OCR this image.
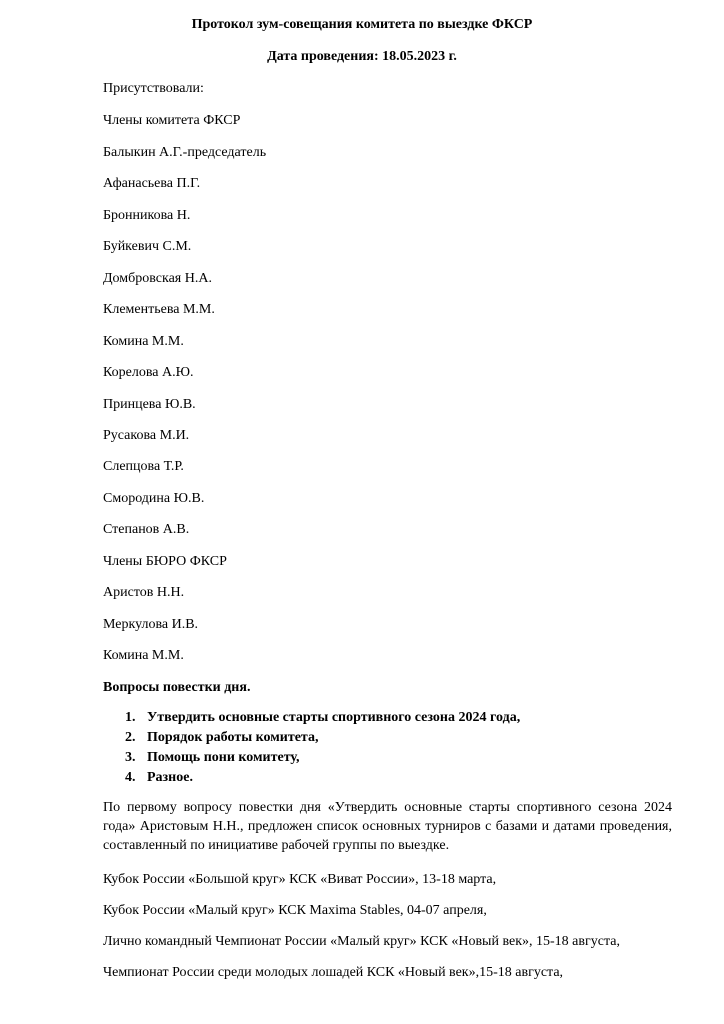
Протокол зум-совещания комитета по выездке ФКСР
Дата проведения: 18.05.2023 г.
Присутствовали:
Члены комитета ФКСР
Балыкин А.Г.-председатель
Афанасьева П.Г.
Бронникова Н.
Буйкевич С.М.
Домбровская Н.А.
Клементьева М.М.
Комина М.М.
Корелова А.Ю.
Принцева Ю.В.
Русакова М.И.
Слепцова Т.Р.
Смородина Ю.В.
Степанов А.В.
Члены БЮРО ФКСР
Аристов Н.Н.
Меркулова И.В.
Комина М.М.
Вопросы повестки дня.
1. Утвердить основные старты спортивного сезона 2024 года,
2. Порядок работы комитета,
3. Помощь пони комитету,
4. Разное.
По первому вопросу повестки дня «Утвердить основные старты спортивного сезона 2024 года» Аристовым Н.Н., предложен список основных турниров с базами и датами проведения, составленный по инициативе рабочей группы по выездке.
Кубок России «Большой круг» КСК «Виват России», 13-18 марта,
Кубок России «Малый круг» КСК Maxima Stables, 04-07 апреля,
Лично командный Чемпионат России «Малый круг» КСК «Новый век», 15-18 августа,
Чемпионат России среди молодых лошадей КСК «Новый век»,15-18 августа,
